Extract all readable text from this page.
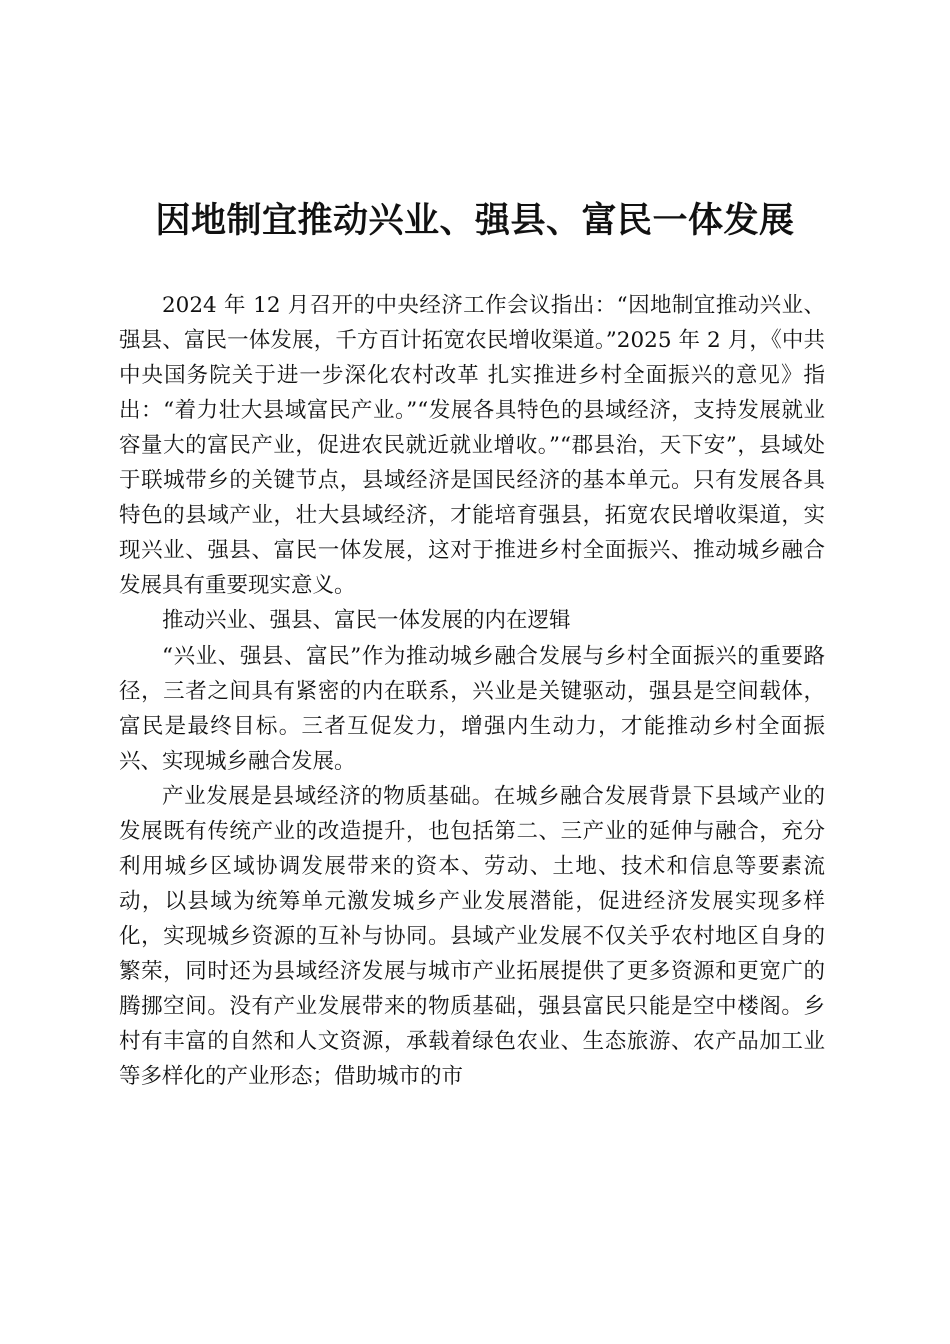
因地制宜推动兴业、强县、富民一体发展

2024 年 12 月召开的中央经济工作会议指出：“因地制宜推动兴业、强县、富民一体发展，千方百计拓宽农民增收渠道。”2025 年 2 月，《中共中央国务院关于进一步深化农村改革 扎实推进乡村全面振兴的意见》指出：“着力壮大县域富民产业。”“发展各具特色的县域经济，支持发展就业容量大的富民产业，促进农民就近就业增收。”“郡县治，天下安”，县域处于联城带乡的关键节点，县域经济是国民经济的基本单元。只有发展各具特色的县域产业，壮大县域经济，才能培育强县，拓宽农民增收渠道，实现兴业、强县、富民一体发展，这对于推进乡村全面振兴、推动城乡融合发展具有重要现实意义。

推动兴业、强县、富民一体发展的内在逻辑

“兴业、强县、富民”作为推动城乡融合发展与乡村全面振兴的重要路径，三者之间具有紧密的内在联系，兴业是关键驱动，强县是空间载体，富民是最终目标。三者互促发力，增强内生动力，才能推动乡村全面振兴、实现城乡融合发展。

产业发展是县域经济的物质基础。在城乡融合发展背景下县域产业的发展既有传统产业的改造提升，也包括第二、三产业的延伸与融合，充分利用城乡区域协调发展带来的资本、劳动、土地、技术和信息等要素流动，以县域为统筹单元激发城乡产业发展潜能，促进经济发展实现多样化，实现城乡资源的互补与协同。县域产业发展不仅关乎农村地区自身的繁荣，同时还为县域经济发展与城市产业拓展提供了更多资源和更宽广的腾挪空间。没有产业发展带来的物质基础，强县富民只能是空中楼阁。乡村有丰富的自然和人文资源，承载着绿色农业、生态旅游、农产品加工业等多样化的产业形态；借助城市的市
